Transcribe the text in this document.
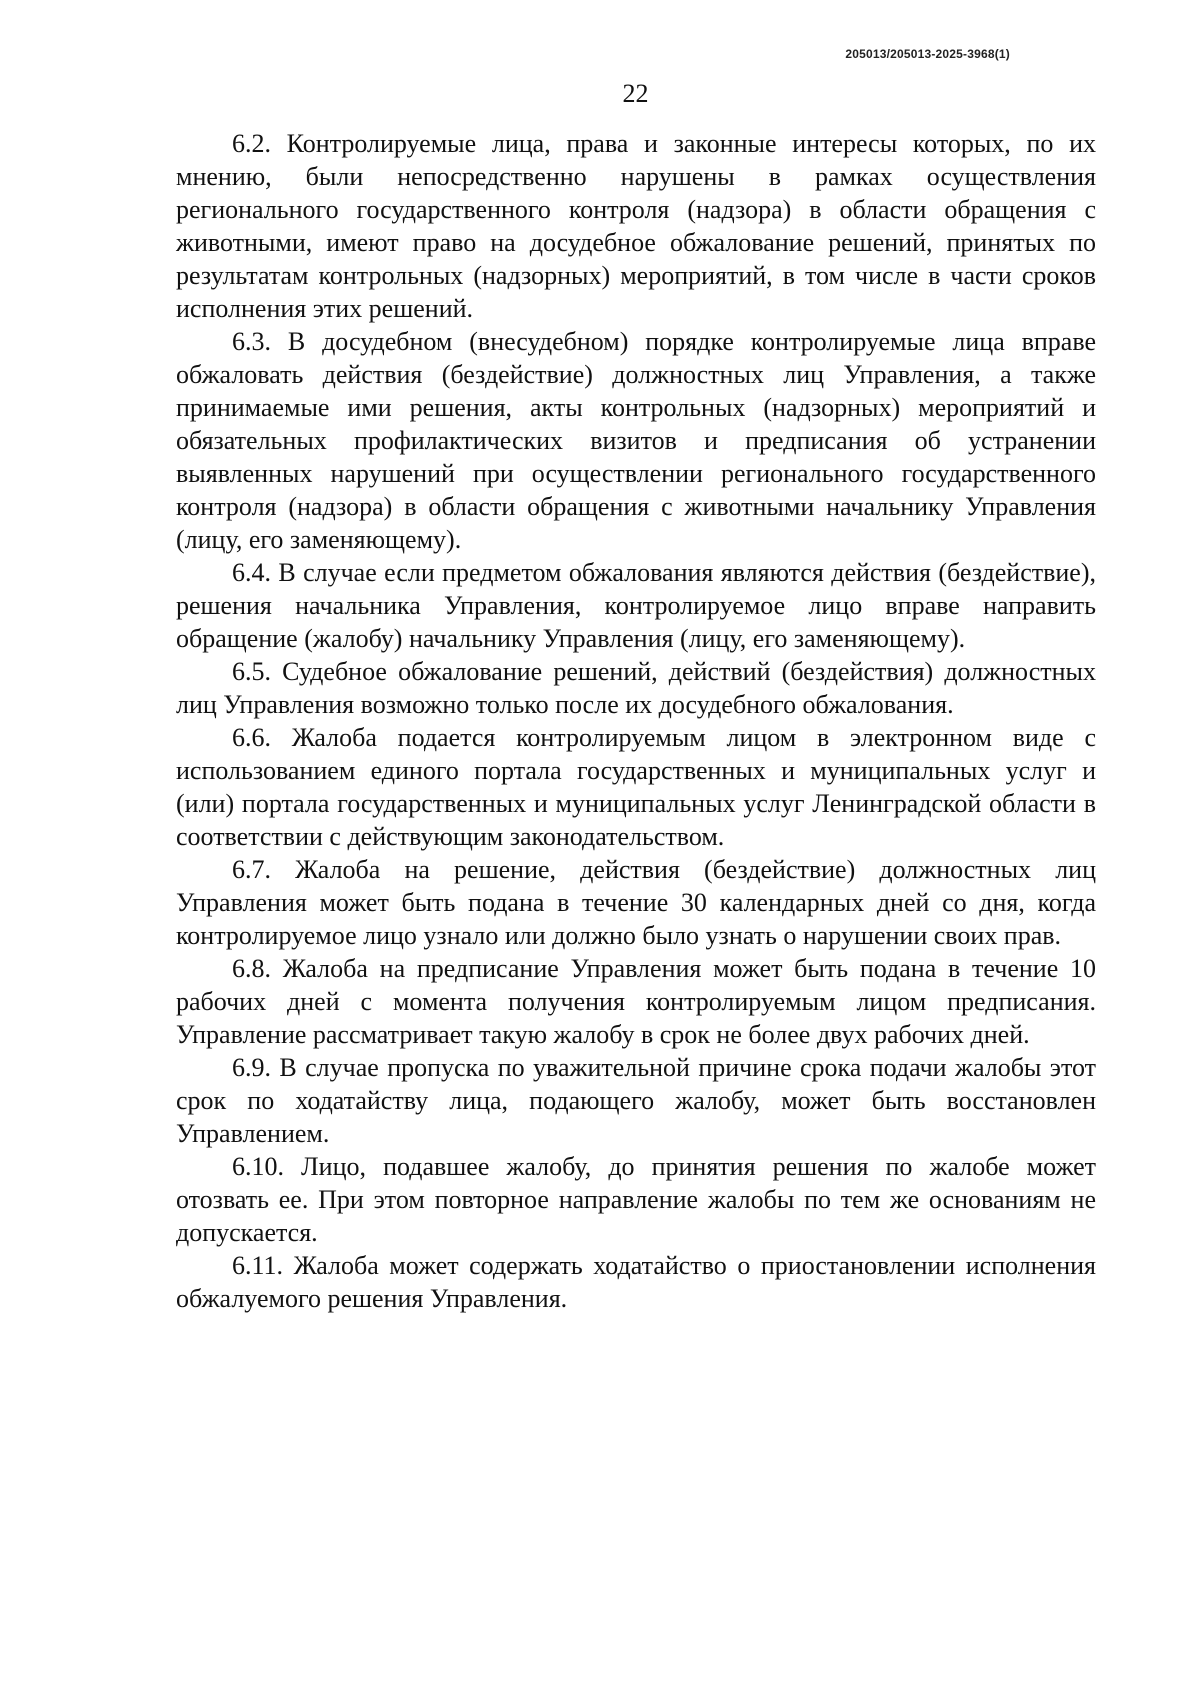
205013/205013-2025-3968(1)
22

6.2. Контролируемые лица, права и законные интересы которых, по их мнению, были непосредственно нарушены в рамках осуществления регионального государственного контроля (надзора) в области обращения с животными, имеют право на досудебное обжалование решений, принятых по результатам контрольных (надзорных) мероприятий, в том числе в части сроков исполнения этих решений.

6.3. В досудебном (внесудебном) порядке контролируемые лица вправе обжаловать действия (бездействие) должностных лиц Управления, а также принимаемые ими решения, акты контрольных (надзорных) мероприятий и обязательных профилактических визитов и предписания об устранении выявленных нарушений при осуществлении регионального государственного контроля (надзора) в области обращения с животными начальнику Управления (лицу, его заменяющему).

6.4. В случае если предметом обжалования являются действия (бездействие), решения начальника Управления, контролируемое лицо вправе направить обращение (жалобу) начальнику Управления (лицу, его заменяющему).

6.5. Судебное обжалование решений, действий (бездействия) должностных лиц Управления возможно только после их досудебного обжалования.

6.6. Жалоба подается контролируемым лицом в электронном виде с использованием единого портала государственных и муниципальных услуг и (или) портала государственных и муниципальных услуг Ленинградской области в соответствии с действующим законодательством.

6.7. Жалоба на решение, действия (бездействие) должностных лиц Управления может быть подана в течение 30 календарных дней со дня, когда контролируемое лицо узнало или должно было узнать о нарушении своих прав.

6.8. Жалоба на предписание Управления может быть подана в течение 10 рабочих дней с момента получения контролируемым лицом предписания. Управление рассматривает такую жалобу в срок не более двух рабочих дней.

6.9. В случае пропуска по уважительной причине срока подачи жалобы этот срок по ходатайству лица, подающего жалобу, может быть восстановлен Управлением.

6.10. Лицо, подавшее жалобу, до принятия решения по жалобе может отозвать ее. При этом повторное направление жалобы по тем же основаниям не допускается.

6.11. Жалоба может содержать ходатайство о приостановлении исполнения обжалуемого решения Управления.
